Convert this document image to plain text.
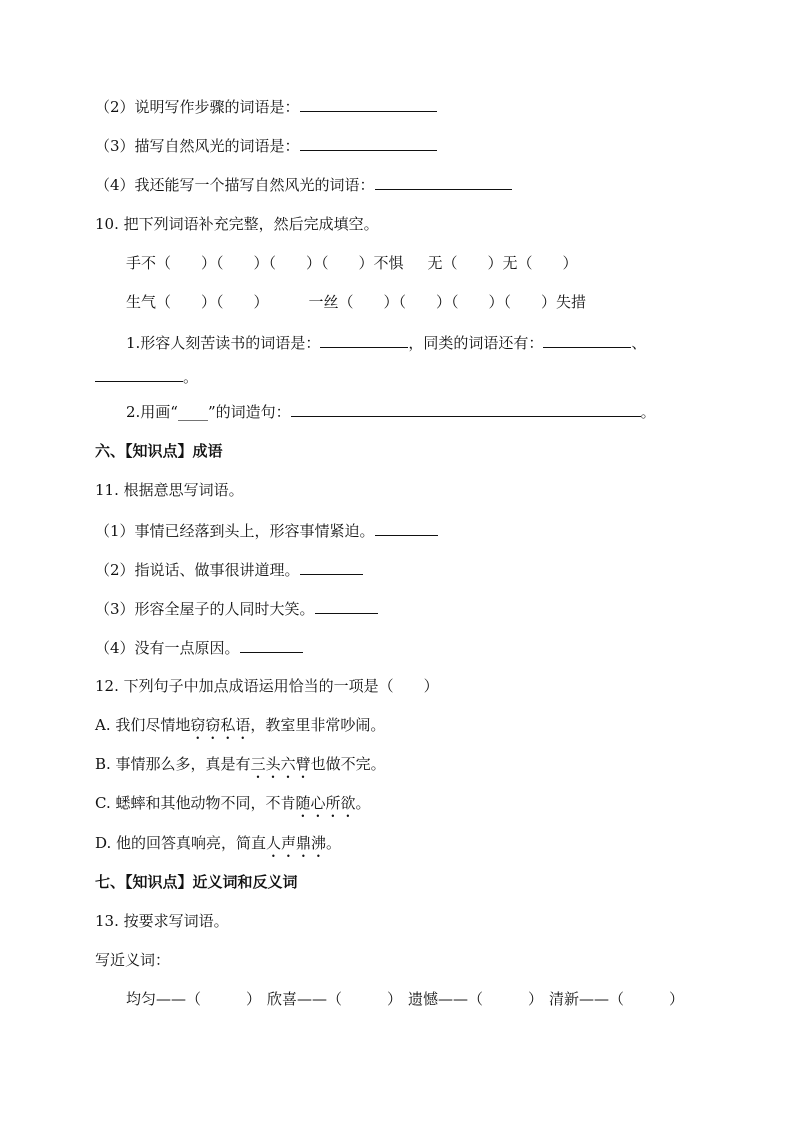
（2）说明写作步骤的词语是：
（3）描写自然风光的词语是：
（4）我还能写一个描写自然风光的词语：
10. 把下列词语补充完整，然后完成填空。
手不（　　）（　　）（　　）（　　）不惧 无（　　）无（　　）
生气（　　）（　　）	一丝（　　）（　　）（　　）（　　）失措
1.形容人刻苦读书的词语是：	，同类的词语还有：	、
。
2.用画“____”的词造句：	。
六、【知识点】成语
11. 根据意思写词语。
（1）事情已经落到头上，形容事情紧迫。
（2）指说话、做事很讲道理。
（3）形容全屋子的人同时大笑。
（4）没有一点原因。
12. 下列句子中加点成语运用恰当的一项是（　　）
A. 我们尽情地窃窃私语，教室里非常吵闹。
B. 事情那么多，真是有三头六臂也做不完。
C. 蟋蟀和其他动物不同，不肯随心所欲。
D. 他的回答真响亮，简直人声鼎沸。
七、【知识点】近义词和反义词
13. 按要求写词语。
写近义词：
均匀——（　　　） 欣喜——（　　　） 遗憾——（　　　） 清新——（　　　）
